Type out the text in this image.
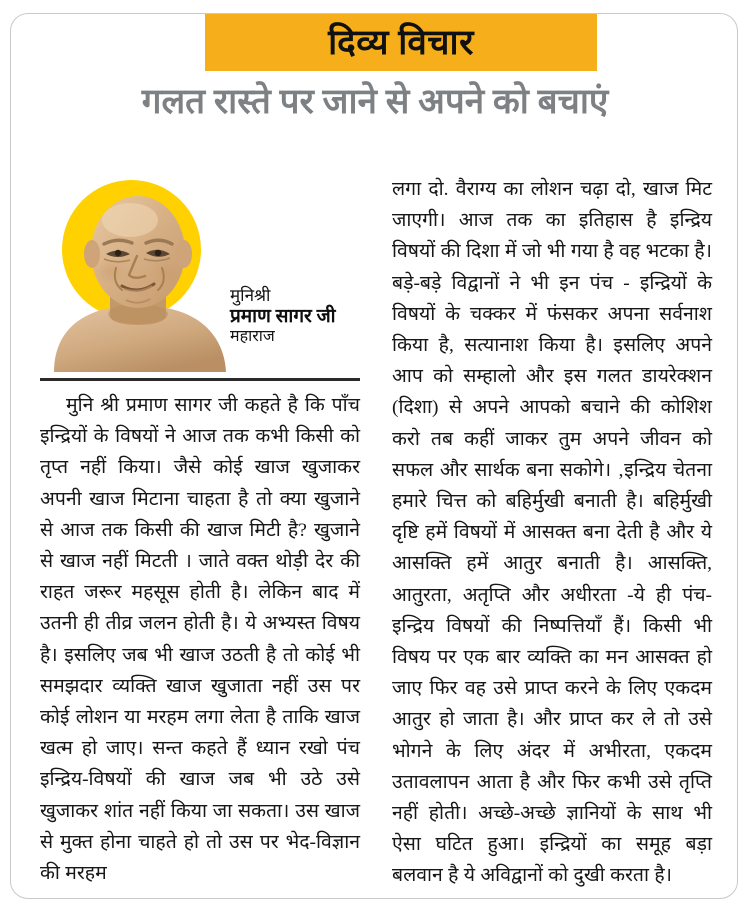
दिव्य विचार
गलत रास्ते पर जाने से अपने को बचाएं
मुनिश्री
प्रमाण सागर जी
महाराज
मुनि श्री प्रमाण सागर जी कहते है कि पाँच इन्द्रियों के विषयों ने आज तक कभी किसी को तृप्त नहीं किया। जैसे कोई खाज खुजाकर अपनी खाज मिटाना चाहता है तो क्या खुजाने से आज तक किसी की खाज मिटी है? खुजाने से खाज नहीं मिटती । जाते वक्त थोड़ी देर की राहत जरूर महसूस होती है। लेकिन बाद में उतनी ही तीव्र जलन होती है। ये अभ्यस्त विषय है। इसलिए जब भी खाज उठती है तो कोई भी समझदार व्यक्ति खाज खुजाता नहीं उस पर कोई लोशन या मरहम लगा लेता है ताकि खाज खत्म हो जाए। सन्त कहते हैं ध्यान रखो पंच इन्द्रिय-विषयों की खाज जब भी उठे उसे खुजाकर शांत नहीं किया जा सकता। उस खाज से मुक्त होना चाहते हो तो उस पर भेद-विज्ञान की मरहम
लगा दो. वैराग्य का लोशन चढ़ा दो, खाज मिट जाएगी। आज तक का इतिहास है इन्द्रिय विषयों की दिशा में जो भी गया है वह भटका है। बड़े-बड़े विद्वानों ने भी इन पंच - इन्द्रियों के विषयों के चक्कर में फंसकर अपना सर्वनाश किया है, सत्यानाश किया है। इसलिए अपने आप को सम्हालो और इस गलत डायरेक्शन (दिशा) से अपने आपको बचाने की कोशिश करो तब कहीं जाकर तुम अपने जीवन को सफल और सार्थक बना सकोगे। ‚इन्द्रिय चेतना हमारे चित्त को बहिर्मुखी बनाती है। बहिर्मुखी दृष्टि हमें विषयों में आसक्त बना देती है और ये आसक्ति हमें आतुर बनाती है। आसक्ति, आतुरता, अतृप्ति और अधीरता -ये ही पंच-इन्द्रिय विषयों की निष्पत्तियाँ हैं। किसी भी विषय पर एक बार व्यक्ति का मन आसक्त हो जाए फिर वह उसे प्राप्त करने के लिए एकदम आतुर हो जाता है। और प्राप्त कर ले तो उसे भोगने के लिए अंदर में अभीरता, एकदम उतावलापन आता है और फिर कभी उसे तृप्ति नहीं होती। अच्छे-अच्छे ज्ञानियों के साथ भी ऐसा घटित हुआ। इन्द्रियों का समूह बड़ा बलवान है ये अविद्वानों को दुखी करता है।
